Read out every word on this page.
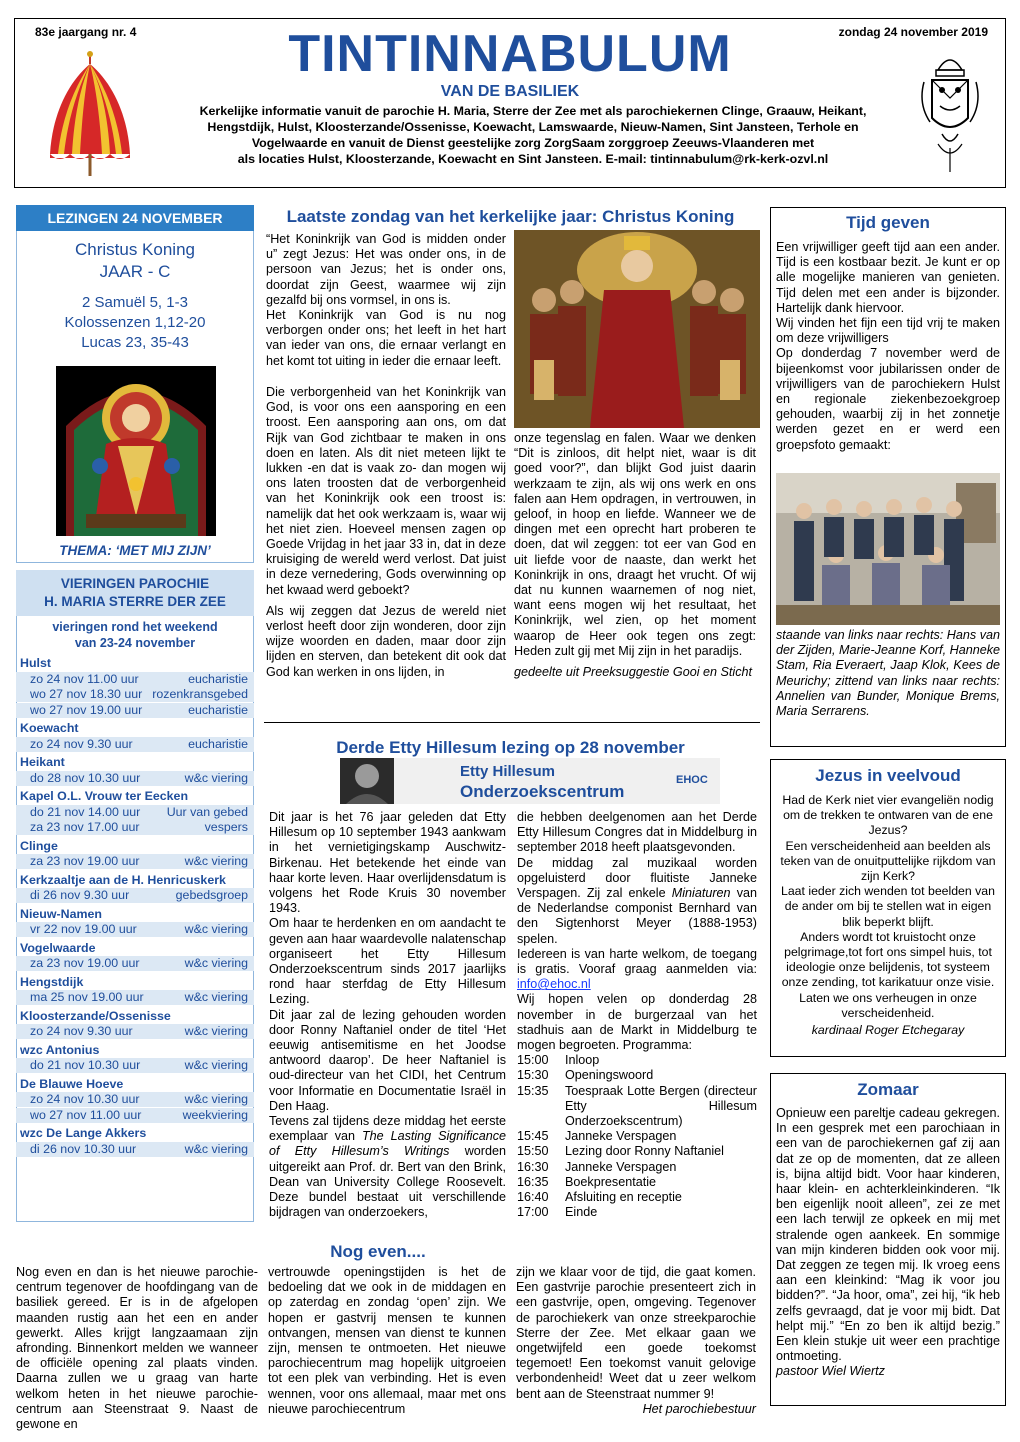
83e jaargang nr. 4	zondag 24 november 2019
TINTINNABULUM
VAN DE BASILIEK
Kerkelijke informatie vanuit de parochie H. Maria, Sterre der Zee met als parochiekernen Clinge, Graauw, Heikant,
Hengstdijk, Hulst, Kloosterzande/Ossenisse, Koewacht, Lamswaarde, Nieuw-Namen, Sint Jansteen, Terhole en
Vogelwaarde en vanuit de Dienst geestelijke zorg ZorgSaam zorggroep Zeeuws-Vlaanderen met
als locaties Hulst, Kloosterzande, Koewacht en Sint Jansteen. E-mail: tintinnabulum@rk-kerk-ozvl.nl
LEZINGEN 24 NOVEMBER
Christus Koning
JAAR - C
2 Samuël 5, 1-3
Kolossenzen 1,12-20
Lucas 23, 35-43
THEMA: ‘MET MIJ ZIJN’
VIERINGEN PAROCHIE
H. MARIA STERRE DER ZEE
vieringen rond het weekend
van 23-24 november
Hulst
zo 24 nov 11.00 uur	eucharistie
wo 27 nov 18.30 uur rozenkransgebed
wo 27 nov 19.00 uur	eucharistie
Koewacht
zo 24 nov 9.30 uur	eucharistie
Heikant
do 28 nov 10.30 uur	w&c viering
Kapel O.L. Vrouw ter Eecken
do 21 nov 14.00 uur Uur van gebed
za 23 nov 17.00 uur	vespers
Clinge
za 23 nov 19.00 uur	w&c viering
Kerkzaaltje aan de H. Henricuskerk
di 26 nov 9.30 uur	gebedsgroep
Nieuw-Namen
vr 22 nov 19.00 uur	w&c viering
Vogelwaarde
za 23 nov 19.00 uur	w&c viering
Hengstdijk
ma 25 nov 19.00 uur	w&c viering
Kloosterzande/Ossenisse
zo 24 nov 9.30 uur	w&c viering
wzc Antonius
do 21 nov 10.30 uur	w&c viering
De Blauwe Hoeve
zo 24 nov 10.30 uur	w&c viering
wo 27 nov 11.00 uur	weekviering
wzc De Lange Akkers
di 26 nov 10.30 uur	w&c viering
Laatste zondag van het kerkelijke jaar: Christus Koning

“Het Koninkrijk van God is midden onder u” zegt Jezus: Het was onder ons, in de persoon van Jezus; het is onder ons, doordat zijn Geest, waarmee wij zijn gezalfd bij ons vormsel, in ons is.

Het Koninkrijk van God is nu nog verborgen onder ons; het leeft in het hart van ieder van ons, die ernaar verlangt en het komt tot uiting in ieder die ernaar leeft.

Die verborgenheid van het Koninkrijk van God, is voor ons een aansporing en een troost. Een aansporing aan ons, om dat Rijk van God zichtbaar te maken in ons doen en laten. Als dit niet meteen lijkt te lukken -en dat is vaak zo- dan mogen wij ons laten troosten dat de verborgenheid van het Koninkrijk ook een troost is: namelijk dat het ook werkzaam is, waar wij het niet zien. Hoeveel mensen zagen op Goede Vrijdag in het jaar 33 in, dat in deze kruisiging de wereld werd verlost. Dat juist in deze vernedering, Gods overwinning op het kwaad werd geboekt?

Als wij zeggen dat Jezus de wereld niet verlost heeft door zijn wonderen, door zijn wijze woorden en daden, maar door zijn lijden en sterven, dan betekent dit ook dat God kan werken in ons lijden, in

onze tegenslag en falen. Waar we denken “Dit is zinloos, dit helpt niet, waar is dit goed voor?”, dan blijkt God juist daarin werkzaam te zijn, als wij ons werk en ons falen aan Hem opdragen, in vertrouwen, in geloof, in hoop en liefde. Wanneer we de dingen met een oprecht hart proberen te doen, dat wil zeggen: tot eer van God en uit liefde voor de naaste, dan werkt het Koninkrijk in ons, draagt het vrucht. Of wij dat nu kunnen waarnemen of nog niet, want eens mogen wij het resultaat, het Koninkrijk, wel zien, op het moment waarop de Heer ook tegen ons zegt: Heden zult gij met Mij zijn in het paradijs.

gedeelte uit Preeksuggestie Gooi en Sticht

Derde Etty Hillesum lezing op 28 november
Etty Hillesum
Onderzoekscentrum
EHOC

Dit jaar is het 76 jaar geleden dat Etty Hillesum op 10 september 1943 aankwam in het vernietigingskamp Auschwitz-Birkenau. Het betekende het einde van haar korte leven. Haar overlijdensdatum is volgens het Rode Kruis 30 november 1943.

Om haar te herdenken en om aandacht te geven aan haar waardevolle nalatenschap organiseert het Etty Hillesum Onderzoekscentrum sinds 2017 jaarlijks rond haar sterfdag de Etty Hillesum Lezing.

Dit jaar zal de lezing gehouden worden door Ronny Naftaniel onder de titel ‘Het eeuwig antisemitisme en het Joodse antwoord daarop’. De heer Naftaniel is oud-directeur van het CIDI, het Centrum voor Informatie en Documentatie Israël in Den Haag.

Tevens zal tijdens deze middag het eerste exemplaar van The Lasting Significance of Etty Hillesum’s Writings worden uitgereikt aan Prof. dr. Bert van den Brink, Dean van University College Roosevelt. Deze bundel bestaat uit verschillende bijdragen van onderzoekers,

die hebben deelgenomen aan het Derde Etty Hillesum Congres dat in Middelburg in september 2018 heeft plaatsgevonden.

De middag zal muzikaal worden opgeluisterd door fluitiste Janneke Verspagen. Zij zal enkele Miniaturen van de Nederlandse componist Bernhard van den Sigtenhorst Meyer (1888-1953) spelen.

Iedereen is van harte welkom, de toegang is gratis. Vooraf graag aanmelden via: info@ehoc.nl

Wij hopen velen op donderdag 28 november in de burgerzaal van het stadhuis aan de Markt in Middelburg te mogen begroeten. Programma:

15:00	Inloop
15:30	Openingswoord
15:35	Toespraak Lotte Bergen (directeur Etty Hillesum Onderzoekscentrum)
15:45	Janneke Verspagen
15:50	Lezing door Ronny Naftaniel
16:30	Janneke Verspagen
16:35	Boekpresentatie
16:40	Afsluiting en receptie
17:00	Einde
Nog even....
Nog even en dan is het nieuwe parochie-centrum tegenover de hoofdingang van de basiliek gereed. Er is in de afgelopen maanden rustig aan het een en ander gewerkt. Alles krijgt langzaamaan zijn afronding. Binnenkort melden we wanneer de officiële opening zal plaats vinden. Daarna zullen we u graag van harte welkom heten in het nieuwe parochie-centrum aan Steenstraat 9. Naast de gewone en
vertrouwde openingstijden is het de bedoeling dat we ook in de middagen en op zaterdag en zondag ‘open’ zijn. We hopen er gastvrij mensen te kunnen ontvangen, mensen van dienst te kunnen zijn, mensen te ontmoeten. Het nieuwe parochiecentrum mag hopelijk uitgroeien tot een plek van verbinding. Het is even wennen, voor ons allemaal, maar met ons nieuwe parochiecentrum
zijn we klaar voor de tijd, die gaat komen. Een gastvrije parochie presenteert zich in een gastvrije, open, omgeving. Tegenover de parochiekerk van onze streekparochie Sterre der Zee. Met elkaar gaan we ongetwijfeld een goede toekomst tegemoet! Een toekomst vanuit gelovige verbondenheid! Weet dat u zeer welkom bent aan de Steenstraat nummer 9!
Het parochiebestuur
Tijd geven

Een vrijwilliger geeft tijd aan een ander. Tijd is een kostbaar bezit. Je kunt er op alle mogelijke manieren van genieten. Tijd delen met een ander is bijzonder. Hartelijk dank hiervoor.

Wij vinden het fijn een tijd vrij te maken om deze vrijwilligers

Op donderdag 7 november werd de bijeenkomst voor jubilarissen onder de vrijwilligers van de parochiekern Hulst en regionale ziekenbezoekgroep gehouden, waarbij zij in het zonnetje werden gezet en er werd een groepsfoto gemaakt:

staande van links naar rechts: Hans van der Zijden, Marie-Jeanne Korf, Hanneke Stam, Ria Everaert, Jaap Klok, Kees de Meurichy; zittend van links naar rechts: Annelien van Bunder, Monique Brems, Maria Serrarens.
Jezus in veelvoud

Had de Kerk niet vier evangeliën nodig om de trekken te ontwaren van de ene Jezus?

Een verscheidenheid aan beelden als teken van de onuitputtelijke rijkdom van zijn Kerk?

Laat ieder zich wenden tot beelden van de ander om bij te stellen wat in eigen blik beperkt blijft.

Anders wordt tot kruistocht onze pelgrimage,tot fort ons simpel huis, tot ideologie onze belijdenis, tot systeem onze zending, tot karikatuur onze visie.

Laten we ons verheugen in onze verscheidenheid.

kardinaal Roger Etchegaray

Zomaar

Opnieuw een pareltje cadeau gekregen. In een gesprek met een parochiaan in een van de parochiekernen gaf zij aan dat ze op de momenten, dat ze alleen is, bijna altijd bidt. Voor haar kinderen, haar klein- en achterkleinkinderen. “Ik ben eigenlijk nooit alleen”, zei ze met een lach terwijl ze opkeek en mij met stralende ogen aankeek. En sommige van mijn kinderen bidden ook voor mij. Dat zeggen ze tegen mij. Ik vroeg eens aan een kleinkind: “Mag ik voor jou bidden?”. “Ja hoor, oma”, zei hij, “ik heb zelfs gevraagd, dat je voor mij bidt. Dat helpt mij.” “En zo ben ik altijd bezig.” Een klein stukje uit weer een prachtige ontmoeting.

pastoor Wiel Wiertz
